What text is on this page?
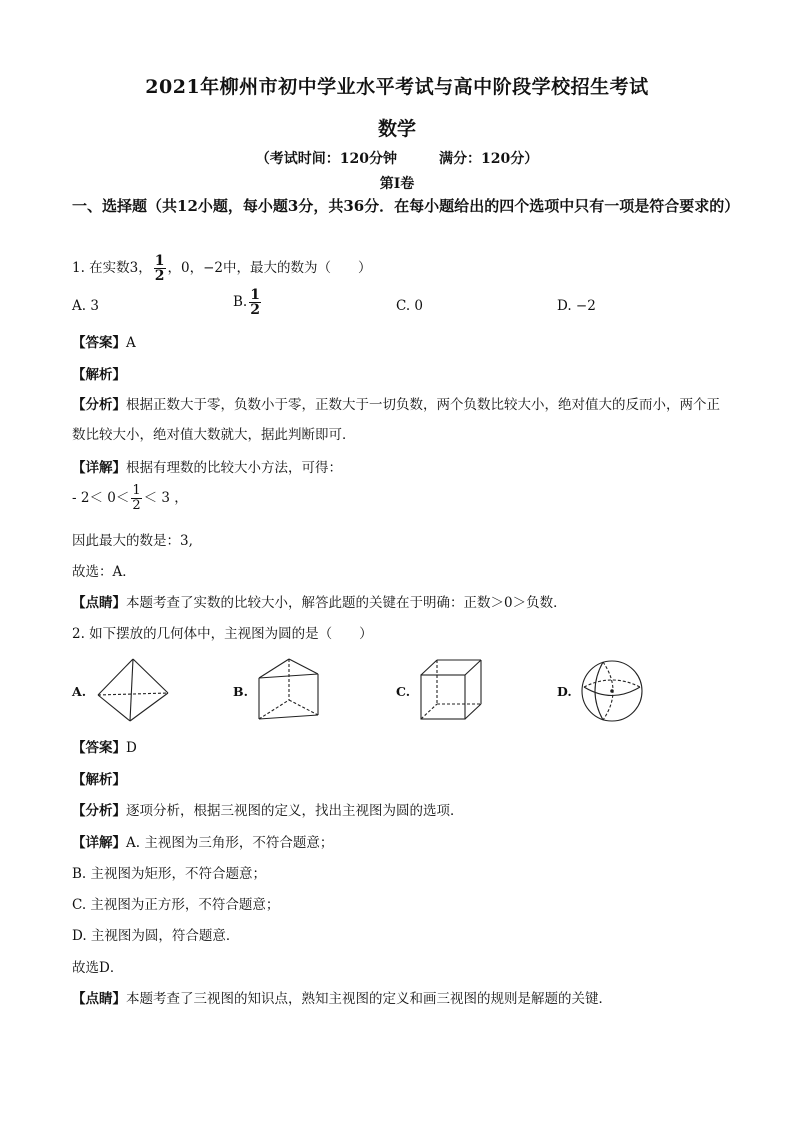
2021年柳州市初中学业水平考试与高中阶段学校招生考试
数学
（考试时间：120分钟	满分：120分）
第Ⅰ卷
一、选择题（共12小题，每小题3分，共36分．在每小题给出的四个选项中只有一项是符合要求的）
1. 在实数3， $\frac{1}{2}$ ，0，−2中，最大的数为（　　）
A. 3	B. $\frac{1}{2}$	C. 0	D. −2
【答案】A
【解析】
【分析】根据正数大于零，负数小于零，正数大于一切负数，两个负数比较大小，绝对值大的反而小，两个正数比较大小，绝对值大数就大，据此判断即可．
【详解】根据有理数的比较大小方法，可得：
- $2< 0< \frac{1}{2} < 3$ ，
因此最大的数是：3,
故选：A．
【点睛】本题考查了实数的比较大小，解答此题的关键在于明确：正数＞0＞负数．
2. 如下摆放的几何体中，主视图为圆的是（　　）
A.	B.	C.	D.
【答案】D
【解析】
【分析】逐项分析，根据三视图的定义，找出主视图为圆的选项．
【详解】A. 主视图为三角形，不符合题意；
B. 主视图为矩形，不符合题意；
C. 主视图为正方形，不符合题意；
D. 主视图为圆，符合题意．
故选D．
【点睛】本题考查了三视图的知识点，熟知主视图的定义和画三视图的规则是解题的关键．
